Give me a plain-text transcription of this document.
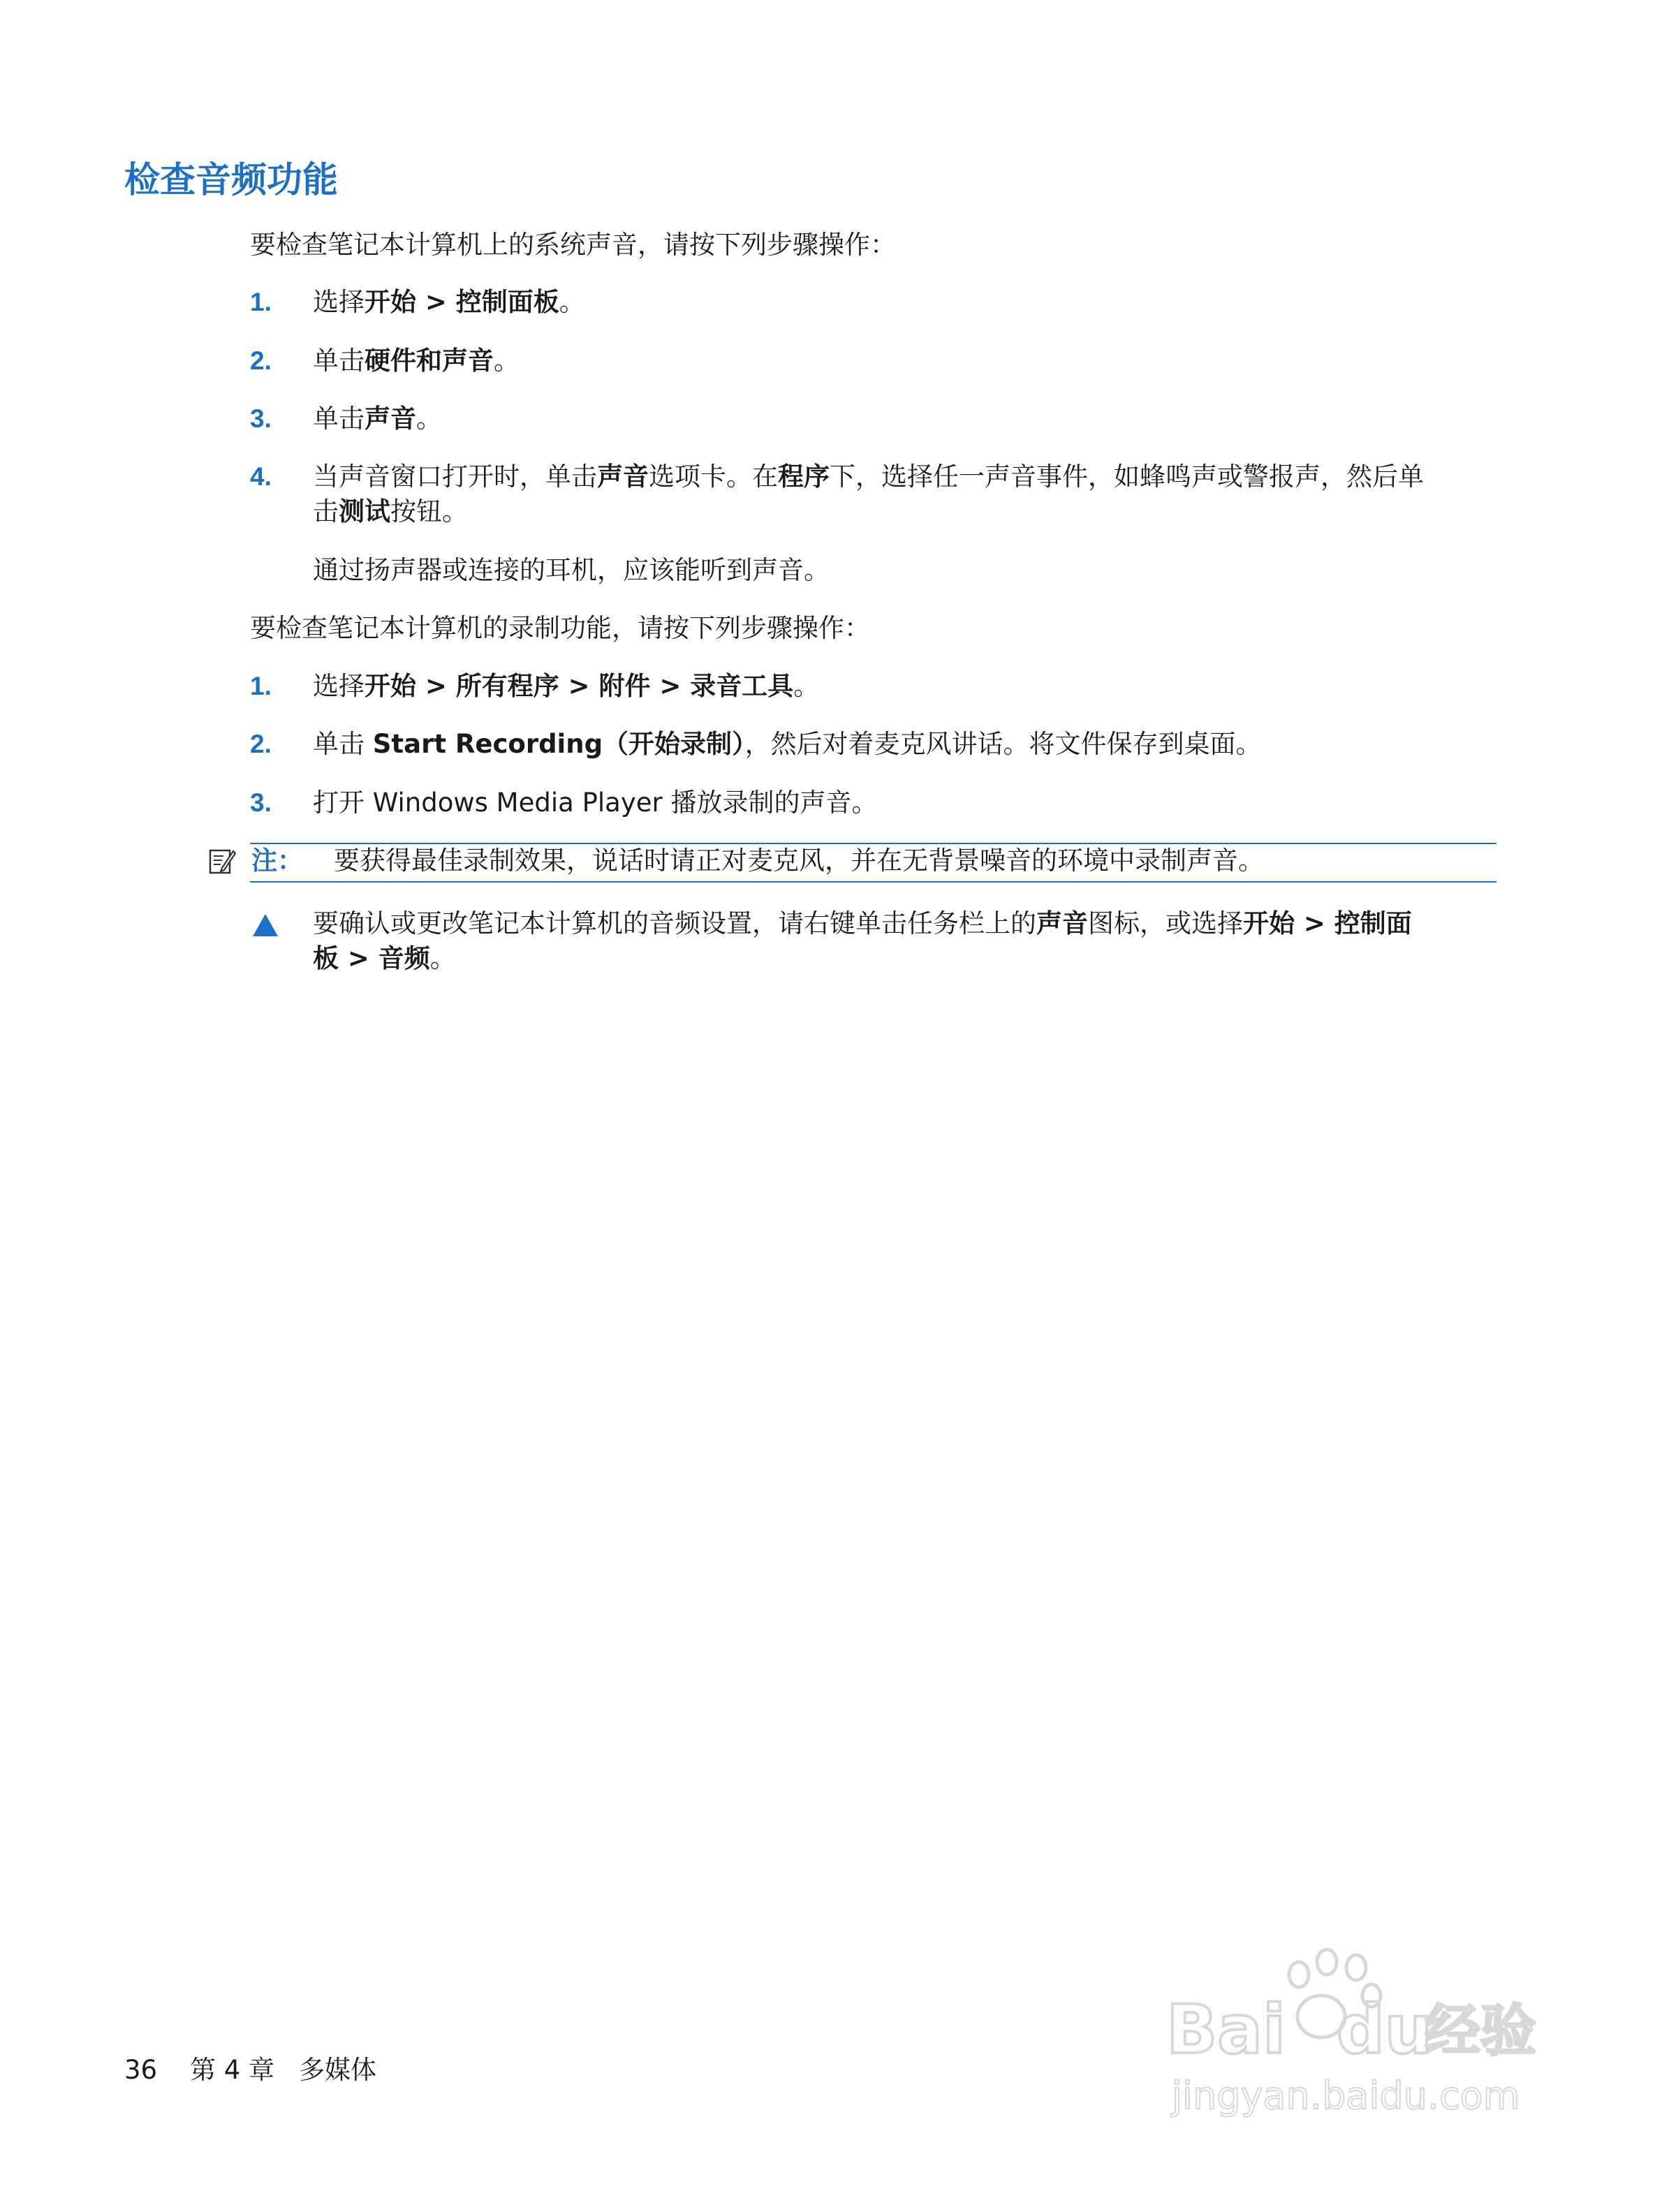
检查音频功能
要检查笔记本计算机上的系统声音，请按下列步骤操作：
1. 选择开始 > 控制面板。
2. 单击硬件和声音。
3. 单击声音。
4. 当声音窗口打开时，单击声音选项卡。在程序下，选择任一声音事件，如蜂鸣声或警报声，然后单
击测试按钮。
通过扬声器或连接的耳机，应该能听到声音。
要检查笔记本计算机的录制功能，请按下列步骤操作：
1. 选择开始 > 所有程序 > 附件 > 录音工具。
2. 单击 Start Recording（开始录制），然后对着麦克风讲话。将文件保存到桌面。
3. 打开 Windows Media Player 播放录制的声音。
注： 要获得最佳录制效果，说话时请正对麦克风，并在无背景噪音的环境中录制声音。
要确认或更改笔记本计算机的音频设置，请右键单击任务栏上的声音图标，或选择开始 > 控制面
板 > 音频。
36 第 4 章 多媒体
Bai du
经验
jingyan.baidu.com
